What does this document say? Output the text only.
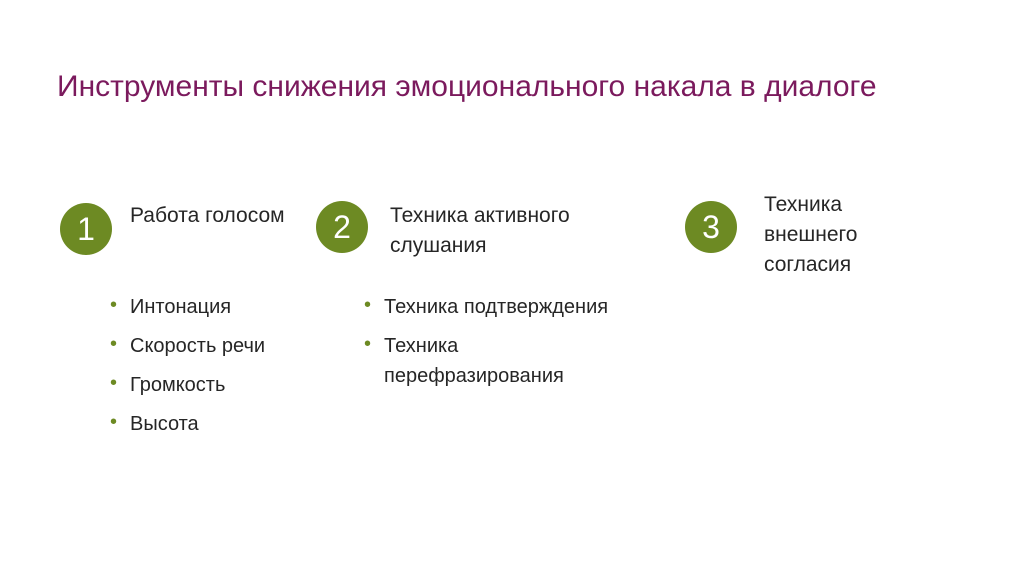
Инструменты снижения эмоционального накала в диалоге
1	Работа голосом
• Интонация
• Скорость речи
• Громкость
• Высота
2	Техника активного слушания
• Техника подтверждения
• Техника перефразирования
3
Техника внешнего согласия
